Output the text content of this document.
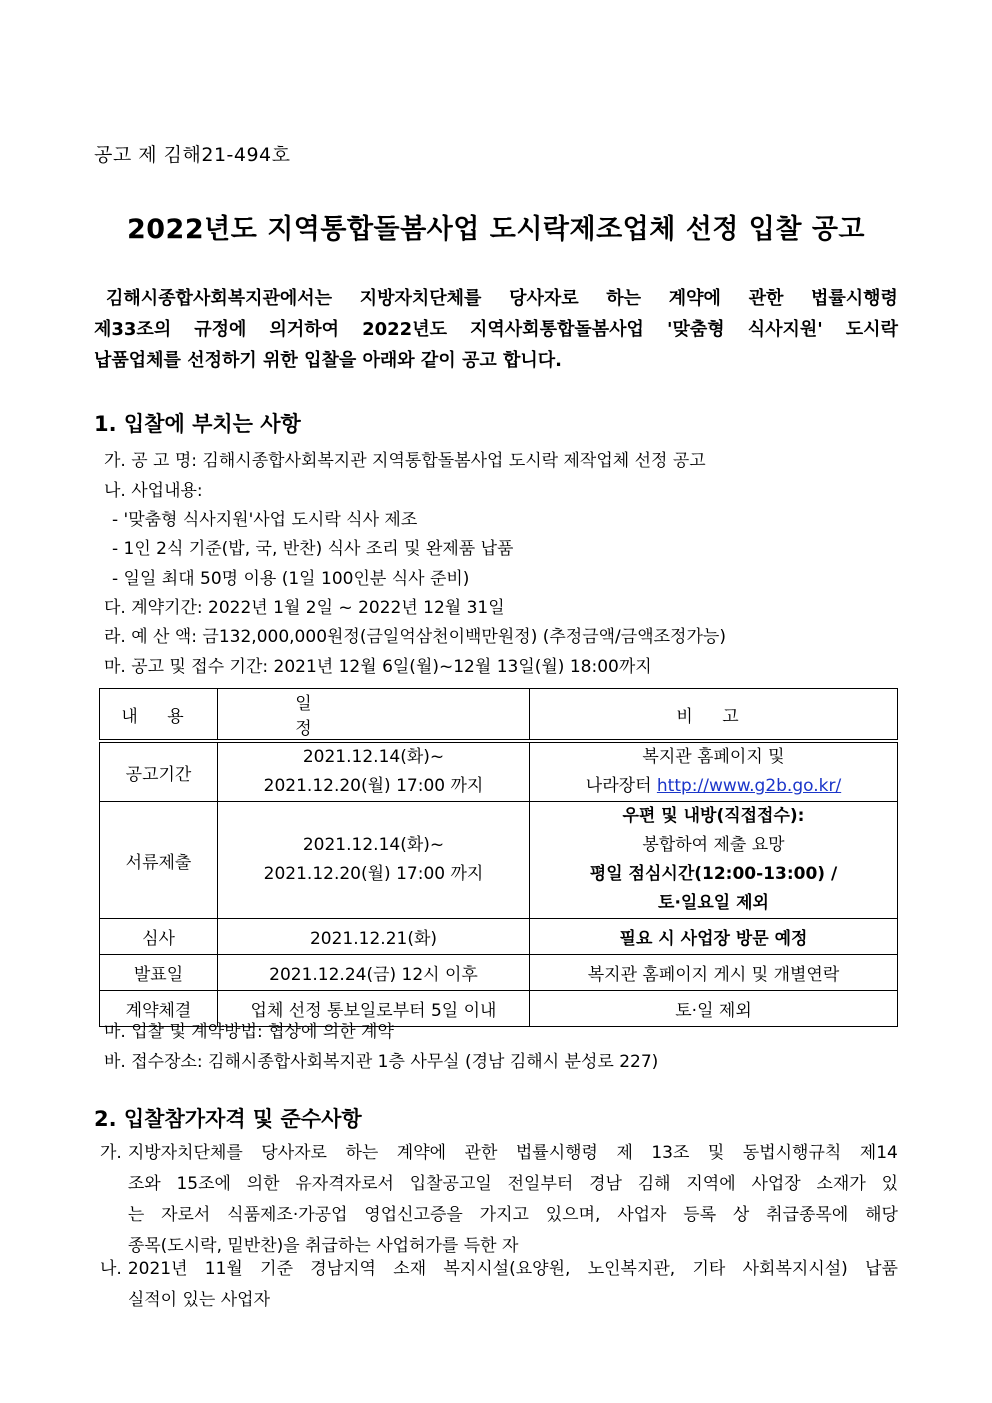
공고 제 김해21-494호
2022년도 지역통합돌봄사업 도시락제조업체 선정 입찰 공고
김해시종합사회복지관에서는 지방자치단체를 당사자로 하는 계약에 관한 법률시행령
제33조의 규정에 의거하여 2022년도 지역사회통합돌봄사업 '맞춤형 식사지원' 도시락
납품업체를 선정하기 위한 입찰을 아래와 같이 공고 합니다.
1. 입찰에 부치는 사항
가. 공 고 명: 김해시종합사회복지관 지역통합돌봄사업 도시락 제작업체 선정 공고
나. 사업내용:
- '맞춤형 식사지원'사업 도시락 식사 제조
- 1인 2식 기준(밥, 국, 반찬) 식사 조리 및 완제품 납품
- 일일 최대 50명 이용 (1일 100인분 식사 준비)
다. 계약기간: 2022년 1월 2일 ~ 2022년 12월 31일
라. 예 산 액: 금132,000,000원정(금일억삼천이백만원정) (추정금액/금액조정가능)
마. 공고 및 접수 기간: 2021년 12월 6일(월)~12월 13일(월) 18:00까지
내 용	일 정	비 고
공고기간	2021.12.14(화)~
2021.12.20(월) 17:00 까지	복지관 홈페이지 및
나라장터 http://www.g2b.go.kr/

서류제출	2021.12.14(화)~
2021.12.20(월) 17:00 까지	우편 및 내방(직접접수):
봉합하여 제출 요망
평일 점심시간(12:00-13:00) /
토·일요일 제외

심사	2021.12.21(화)	필요 시 사업장 방문 예정
발표일	2021.12.24(금) 12시 이후	복지관 홈페이지 게시 및 개별연락
계약체결	업체 선정 통보일로부터 5일 이내	토·일 제외
마. 입찰 및 계약방법: 협상에 의한 계약
바. 접수장소: 김해시종합사회복지관 1층 사무실 (경남 김해시 분성로 227)
2. 입찰참가자격 및 준수사항
가. 지방자치단체를 당사자로 하는 계약에 관한 법률시행령 제 13조 및 동법시행규칙 제14
조와 15조에 의한 유자격자로서 입찰공고일 전일부터 경남 김해 지역에 사업장 소재가 있
는 자로서 식품제조·가공업 영업신고증을 가지고 있으며, 사업자 등록 상 취급종목에 해당
종목(도시락, 밑반찬)을 취급하는 사업허가를 득한 자
나. 2021년 11월 기준 경남지역 소재 복지시설(요양원, 노인복지관, 기타 사회복지시설) 납품
실적이 있는 사업자
